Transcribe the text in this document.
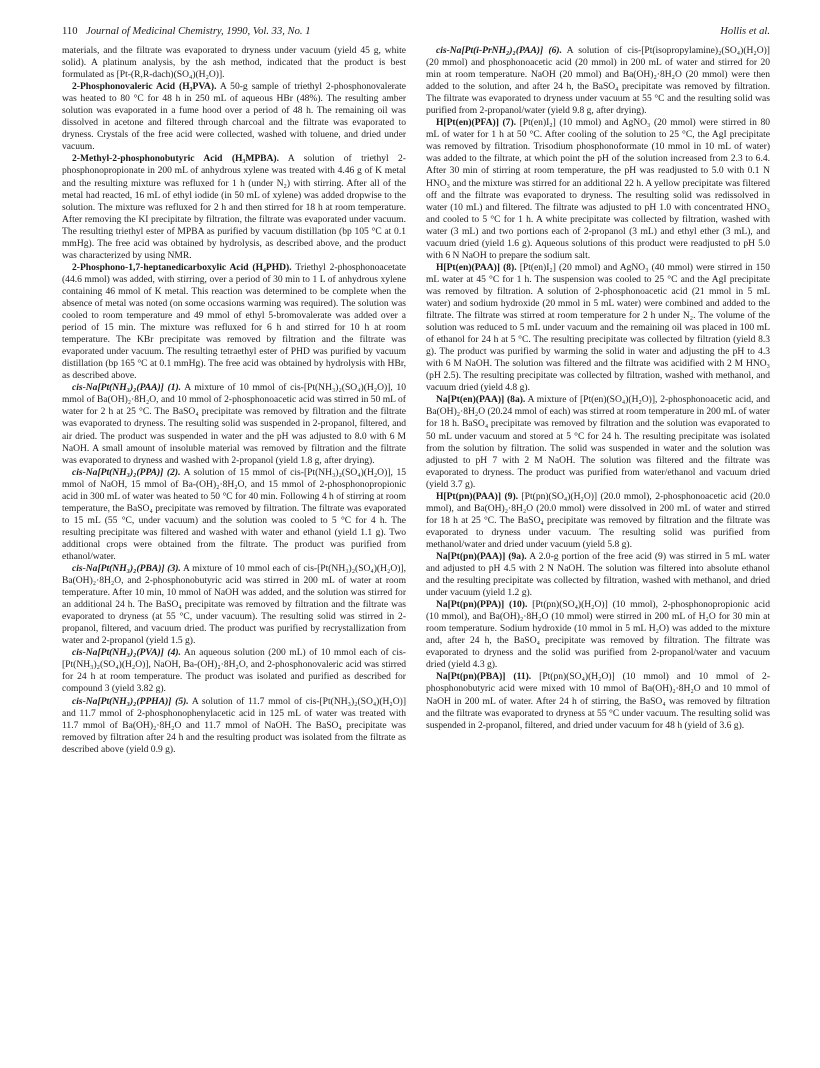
110 Journal of Medicinal Chemistry, 1990, Vol. 33, No. 1	Hollis et al.

materials, and the filtrate was evaporated to dryness under vacuum (yield 45 g, white solid). A platinum analysis, by the ash method, indicated that the product is best formulated as [Pt-(R,R-dach)(SO₄)(H₂O)].

2-Phosphonovaleric Acid (H₃PVA). A 50-g sample of triethyl 2-phosphonovalerate was heated to 80 °C for 48 h in 250 mL of aqueous HBr (48%). The resulting amber solution was evaporated in a fume hood over a period of 48 h. The remaining oil was dissolved in acetone and filtered through charcoal and the filtrate was evaporated to dryness. Crystals of the free acid were collected, washed with toluene, and dried under vacuum.

2-Methyl-2-phosphonobutyric Acid (H₃MPBA). A solution of triethyl 2-phosphonopropionate in 200 mL of anhydrous xylene was treated with 4.46 g of K metal and the resulting mixture was refluxed for 1 h (under N₂) with stirring. After all of the metal had reacted, 16 mL of ethyl iodide (in 50 mL of xylene) was added dropwise to the solution. The mixture was refluxed for 2 h and then stirred for 18 h at room temperature. After removing the KI precipitate by filtration, the filtrate was evaporated under vacuum. The resulting triethyl ester of MPBA as purified by vacuum distillation (bp 105 °C at 0.1 mmHg). The free acid was obtained by hydrolysis, as described above, and the product was characterized by using NMR.

2-Phosphono-1,7-heptanedicarboxylic Acid (H₄PHD). Triethyl 2-phosphonoacetate (44.6 mmol) was added, with stirring, over a period of 30 min to 1 L of anhydrous xylene containing 46 mmol of K metal. This reaction was determined to be complete when the absence of metal was noted (on some occasions warming was required). The solution was cooled to room temperature and 49 mmol of ethyl 5-bromovalerate was added over a period of 15 min. The mixture was refluxed for 6 h and stirred for 10 h at room temperature. The KBr precipitate was removed by filtration and the filtrate was evaporated under vacuum. The resulting tetraethyl ester of PHD was purified by vacuum distillation (bp 165 °C at 0.1 mmHg). The free acid was obtained by hydrolysis with HBr, as described above.

cis-Na[Pt(NH₃)₂(PAA)] (1). A mixture of 10 mmol of cis-[Pt(NH₃)₂(SO₄)(H₂O)], 10 mmol of Ba(OH)₂·8H₂O, and 10 mmol of 2-phosphonoacetic acid was stirred in 50 mL of water for 2 h at 25 °C. The BaSO₄ precipitate was removed by filtration and the filtrate was evaporated to dryness. The resulting solid was suspended in 2-propanol, filtered, and air dried. The product was suspended in water and the pH was adjusted to 8.0 with 6 M NaOH. A small amount of insoluble material was removed by filtration and the filtrate was evaporated to dryness and washed with 2-propanol (yield 1.8 g, after drying).

cis-Na[Pt(NH₃)₂(PPA)] (2). A solution of 15 mmol of cis-[Pt(NH₃)₂(SO₄)(H₂O)], 15 mmol of NaOH, 15 mmol of Ba-(OH)₂·8H₂O, and 15 mmol of 2-phosphonopropionic acid in 300 mL of water was heated to 50 °C for 40 min. Following 4 h of stirring at room temperature, the BaSO₄ precipitate was removed by filtration. The filtrate was evaporated to 15 mL (55 °C, under vacuum) and the solution was cooled to 5 °C for 4 h. The resulting precipitate was filtered and washed with water and ethanol (yield 1.1 g). Two additional crops were obtained from the filtrate. The product was purified from ethanol/water.

cis-Na[Pt(NH₃)₂(PBA)] (3). A mixture of 10 mmol each of cis-[Pt(NH₃)₂(SO₄)(H₂O)], Ba(OH)₂·8H₂O, and 2-phosphonobutyric acid was stirred in 200 mL of water at room temperature. After 10 min, 10 mmol of NaOH was added, and the solution was stirred for an additional 24 h. The BaSO₄ precipitate was removed by filtration and the filtrate was evaporated to dryness (at 55 °C, under vacuum). The resulting solid was stirred in 2-propanol, filtered, and vacuum dried. The product was purified by recrystallization from water and 2-propanol (yield 1.5 g).

cis-Na[Pt(NH₃)₂(PVA)] (4). An aqueous solution (200 mL) of 10 mmol each of cis-[Pt(NH₃)₂(SO₄)(H₂O)], NaOH, Ba-(OH)₂·8H₂O, and 2-phosphonovaleric acid was stirred for 24 h at room temperature. The product was isolated and purified as described for compound 3 (yield 3.82 g).

cis-Na[Pt(NH₃)₂(PPHA)] (5). A solution of 11.7 mmol of cis-[Pt(NH₃)₂(SO₄)(H₂O)] and 11.7 mmol of 2-phosphonophenylacetic acid in 125 mL of water was treated with 11.7 mmol of Ba(OH)₂·8H₂O and 11.7 mmol of NaOH. The BaSO₄ precipitate was removed by filtration after 24 h and the resulting product was isolated from the filtrate as described above (yield 0.9 g).

cis-Na[Pt(i-PrNH₂)₂(PAA)] (6). A solution of cis-[Pt(isopropylamine)₂(SO₄)(H₂O)] (20 mmol) and phosphonoacetic acid (20 mmol) in 200 mL of water and stirred for 20 min at room temperature. NaOH (20 mmol) and Ba(OH)₂·8H₂O (20 mmol) were then added to the solution, and after 24 h, the BaSO₄ precipitate was removed by filtration. The filtrate was evaporated to dryness under vacuum at 55 °C and the resulting solid was purified from 2-propanol/water (yield 9.8 g, after drying).

H[Pt(en)(PFA)] (7). [Pt(en)I₂] (10 mmol) and AgNO₃ (20 mmol) were stirred in 80 mL of water for 1 h at 50 °C. After cooling of the solution to 25 °C, the AgI precipitate was removed by filtration. Trisodium phosphonoformate (10 mmol in 10 mL of water) was added to the filtrate, at which point the pH of the solution increased from 2.3 to 6.4. After 30 min of stirring at room temperature, the pH was readjusted to 5.0 with 0.1 N HNO₃ and the mixture was stirred for an additional 22 h. A yellow precipitate was filtered off and the filtrate was evaporated to dryness. The resulting solid was redissolved in water (10 mL) and filtered. The filtrate was adjusted to pH 1.0 with concentrated HNO₃ and cooled to 5 °C for 1 h. A white precipitate was collected by filtration, washed with water (3 mL) and two portions each of 2-propanol (3 mL) and ethyl ether (3 mL), and vacuum dried (yield 1.6 g). Aqueous solutions of this product were readjusted to pH 5.0 with 6 N NaOH to prepare the sodium salt.

H[Pt(en)(PAA)] (8). [Pt(en)I₂] (20 mmol) and AgNO₃ (40 mmol) were stirred in 150 mL water at 45 °C for 1 h. The suspension was cooled to 25 °C and the AgI precipitate was removed by filtration. A solution of 2-phosphonoacetic acid (21 mmol in 5 mL water) and sodium hydroxide (20 mmol in 5 mL water) were combined and added to the filtrate. The filtrate was stirred at room temperature for 2 h under N₂. The volume of the solution was reduced to 5 mL under vacuum and the remaining oil was placed in 100 mL of ethanol for 24 h at 5 °C. The resulting precipitate was collected by filtration (yield 8.3 g). The product was purified by warming the solid in water and adjusting the pH to 4.3 with 6 M NaOH. The solution was filtered and the filtrate was acidified with 2 M HNO₃ (pH 2.5). The resulting precipitate was collected by filtration, washed with methanol, and vacuum dried (yield 4.8 g).

Na[Pt(en)(PAA)] (8a). A mixture of [Pt(en)(SO₄)(H₂O)], 2-phosphonoacetic acid, and Ba(OH)₂·8H₂O (20.24 mmol of each) was stirred at room temperature in 200 mL of water for 18 h. BaSO₄ precipitate was removed by filtration and the solution was evaporated to 50 mL under vacuum and stored at 5 °C for 24 h. The resulting precipitate was isolated from the solution by filtration. The solid was suspended in water and the solution was adjusted to pH 7 with 2 M NaOH. The solution was filtered and the filtrate was evaporated to dryness. The product was purified from water/ethanol and vacuum dried (yield 3.7 g).

H[Pt(pn)(PAA)] (9). [Pt(pn)(SO₄)(H₂O)] (20.0 mmol), 2-phosphonoacetic acid (20.0 mmol), and Ba(OH)₂·8H₂O (20.0 mmol) were dissolved in 200 mL of water and stirred for 18 h at 25 °C. The BaSO₄ precipitate was removed by filtration and the filtrate was evaporated to dryness under vacuum. The resulting solid was purified from methanol/water and dried under vacuum (yield 5.8 g).

Na[Pt(pn)(PAA)] (9a). A 2.0-g portion of the free acid (9) was stirred in 5 mL water and adjusted to pH 4.5 with 2 N NaOH. The solution was filtered into absolute ethanol and the resulting precipitate was collected by filtration, washed with methanol, and dried under vacuum (yield 1.2 g).

Na[Pt(pn)(PPA)] (10). [Pt(pn)(SO₄)(H₂O)] (10 mmol), 2-phosphonopropionic acid (10 mmol), and Ba(OH)₂·8H₂O (10 mmol) were stirred in 200 mL of H₂O for 30 min at room temperature. Sodium hydroxide (10 mmol in 5 mL H₂O) was added to the mixture and, after 24 h, the BaSO₄ precipitate was removed by filtration. The filtrate was evaporated to dryness and the solid was purified from 2-propanol/water and vacuum dried (yield 4.3 g).

Na[Pt(pn)(PBA)] (11). [Pt(pn)(SO₄)(H₂O)] (10 mmol) and 10 mmol of 2-phosphonobutyric acid were mixed with 10 mmol of Ba(OH)₂·8H₂O and 10 mmol of NaOH in 200 mL of water. After 24 h of stirring, the BaSO₄ was removed by filtration and the filtrate was evaporated to dryness at 55 °C under vacuum. The resulting solid was suspended in 2-propanol, filtered, and dried under vacuum for 48 h (yield of 3.6 g).
